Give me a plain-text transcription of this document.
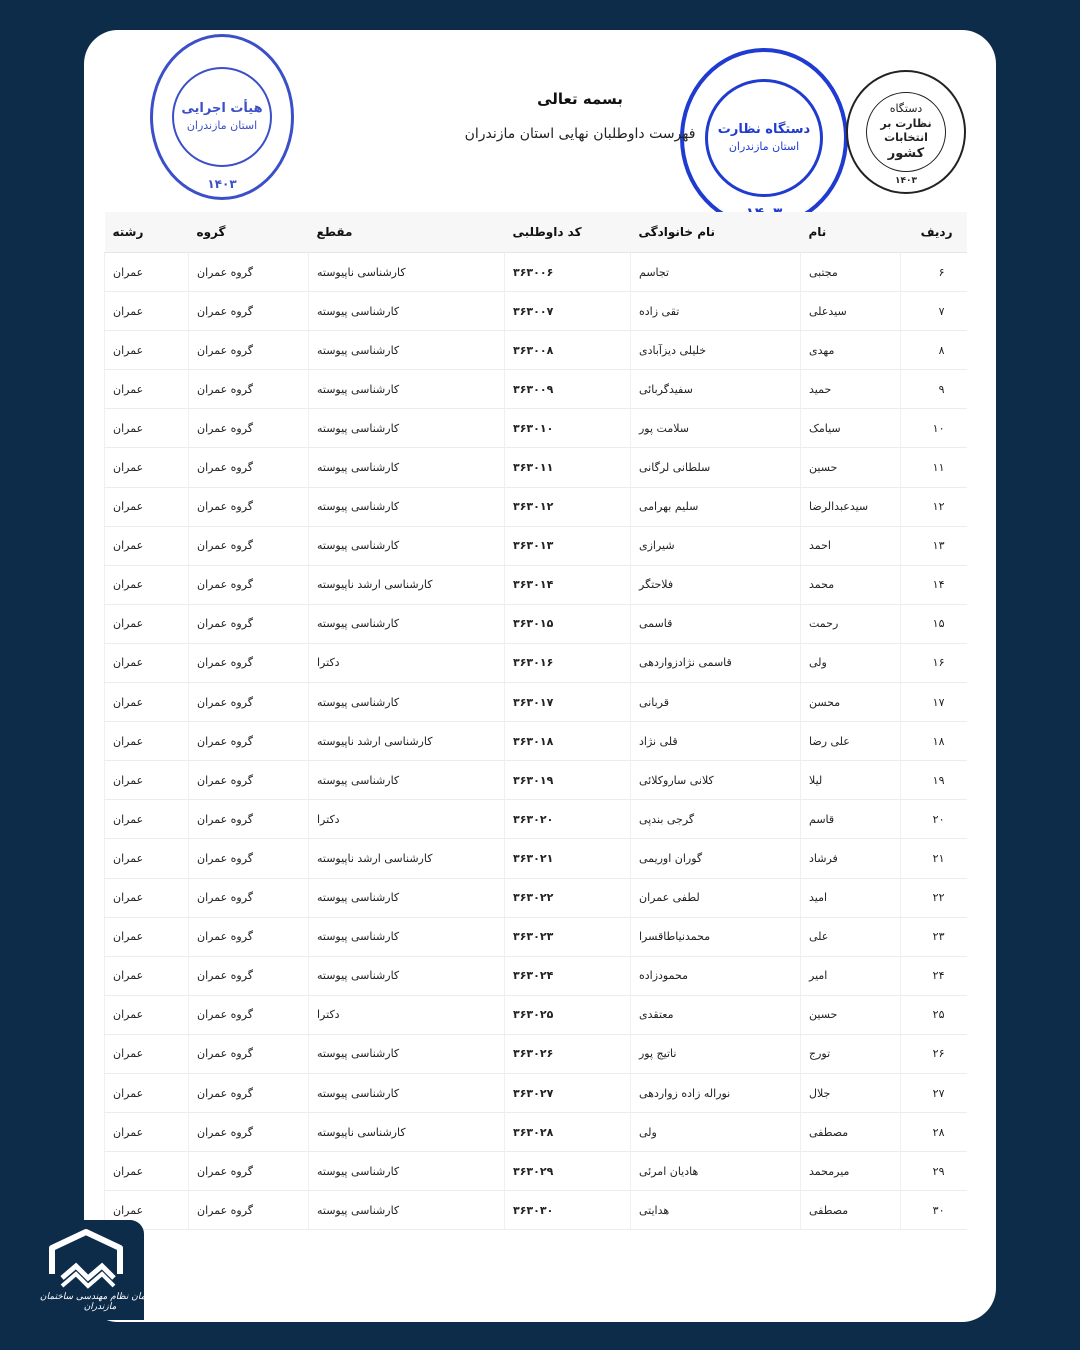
هیأت اجرایی
استان مازندران
۱۴۰۳
دستگاه نظارت
استان مازندران
دستگاه
نظارت بر انتخابات
کشور
۱۴۰۳
بسمه تعالی
فهرست داوطلبان نهایی استان مازندران
ردیف	نام	نام خانوادگی	کد داوطلبی	مقطع	گروه	رشته
۶	مجتبی	تجاسم	۳۶۳۰۰۶	کارشناسی ناپیوسته	گروه عمران	عمران
۷	سیدعلی	تقی زاده	۳۶۳۰۰۷	کارشناسی پیوسته	گروه عمران	عمران
۸	مهدی	خلیلی دیزآبادی	۳۶۳۰۰۸	کارشناسی پیوسته	گروه عمران	عمران
۹	حمید	سفیدگربائی	۳۶۳۰۰۹	کارشناسی پیوسته	گروه عمران	عمران
۱۰	سیامک	سلامت پور	۳۶۳۰۱۰	کارشناسی پیوسته	گروه عمران	عمران
۱۱	حسین	سلطانی لرگانی	۳۶۳۰۱۱	کارشناسی پیوسته	گروه عمران	عمران
۱۲	سیدعبدالرضا	سلیم بهرامی	۳۶۳۰۱۲	کارشناسی پیوسته	گروه عمران	عمران
۱۳	احمد	شیرازی	۳۶۳۰۱۳	کارشناسی پیوسته	گروه عمران	عمران
۱۴	محمد	فلاحتگر	۳۶۳۰۱۴	کارشناسی ارشد ناپیوسته	گروه عمران	عمران
۱۵	رحمت	قاسمی	۳۶۳۰۱۵	کارشناسی پیوسته	گروه عمران	عمران
۱۶	ولی	قاسمی نژادزواردهی	۳۶۳۰۱۶	دکترا	گروه عمران	عمران
۱۷	محسن	قربانی	۳۶۳۰۱۷	کارشناسی پیوسته	گروه عمران	عمران
۱۸	علی رضا	قلی نژاد	۳۶۳۰۱۸	کارشناسی ارشد ناپیوسته	گروه عمران	عمران
۱۹	لیلا	کلانی سارو‌کلائی	۳۶۳۰۱۹	کارشناسی پیوسته	گروه عمران	عمران
۲۰	قاسم	گرجی بندپی	۳۶۳۰۲۰	دکترا	گروه عمران	عمران
۲۱	فرشاد	گوران اوریمی	۳۶۳۰۲۱	کارشناسی ارشد ناپیوسته	گروه عمران	عمران
۲۲	امید	لطفی عمران	۳۶۳۰۲۲	کارشناسی پیوسته	گروه عمران	عمران
۲۳	علی	محمدنیاطاقسرا	۳۶۳۰۲۳	کارشناسی پیوسته	گروه عمران	عمران
۲۴	امیر	محمودزاده	۳۶۳۰۲۴	کارشناسی پیوسته	گروه عمران	عمران
۲۵	حسین	معتقدی	۳۶۳۰۲۵	دکترا	گروه عمران	عمران
۲۶	تورج	ناتیج پور	۳۶۳۰۲۶	کارشناسی پیوسته	گروه عمران	عمران
۲۷	جلال	نوراله زاده زواردهی	۳۶۳۰۲۷	کارشناسی پیوسته	گروه عمران	عمران
۲۸	مصطفی	ولی	۳۶۳۰۲۸	کارشناسی ناپیوسته	گروه عمران	عمران
۲۹	میرمحمد	هادیان امرئی	۳۶۳۰۲۹	کارشناسی پیوسته	گروه عمران	عمران
۳۰	مصطفی	هدایتی	۳۶۳۰۳۰	کارشناسی پیوسته	گروه عمران	عمران
سازمان نظام مهندسی ساختمان مازندران
